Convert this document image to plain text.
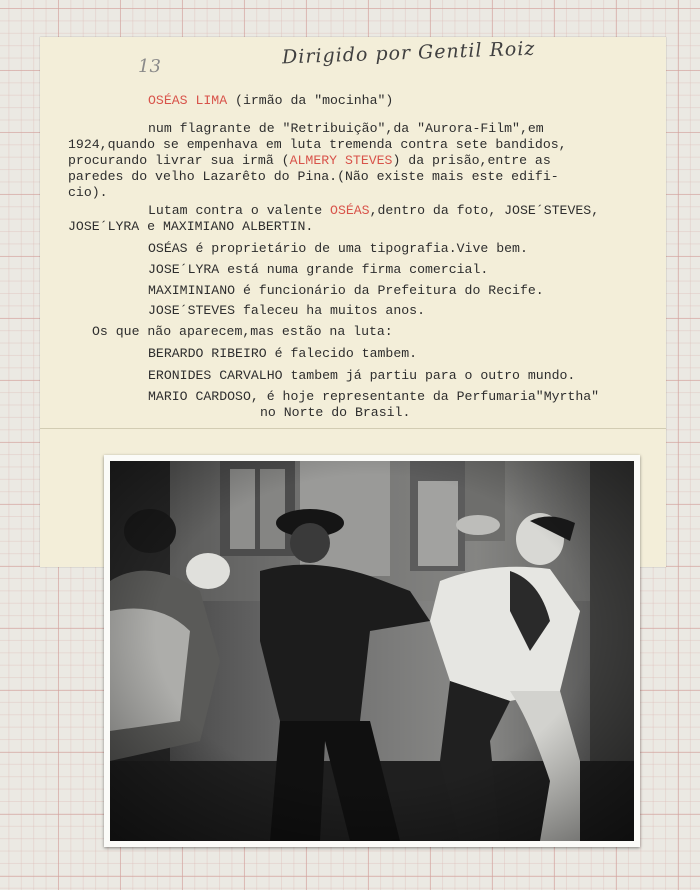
Dirigido por Gentil Roiz
13
OSÉAS LIMA (irmão da "mocinha")
num flagrante de "Retribuição",da "Aurora-Film",em
1924,quando se empenhava em luta tremenda contra sete bandidos,
procurando livrar sua irmã (ALMERY STEVES) da prisão,entre as
paredes do velho Lazarêto do Pina.(Não existe mais este edifi-
cio).
Lutam contra o valente OSÉAS,dentro da foto, JOSE´STEVES,
JOSE´LYRA e MAXIMIANO ALBERTIN.
OSÉAS é proprietário de uma tipografia.Vive bem.
JOSE´LYRA está numa grande firma comercial.
MAXIMINIANO é funcionário da Prefeitura do Recife.
JOSE´STEVES faleceu ha muitos anos.
Os que não aparecem,mas estão na luta:
BERARDO RIBEIRO é falecido tambem.
ERONIDES CARVALHO tambem já partiu para o outro mundo.
MARIO CARDOSO, é hoje representante da Perfumaria"Myrtha"
no Norte do Brasil.
